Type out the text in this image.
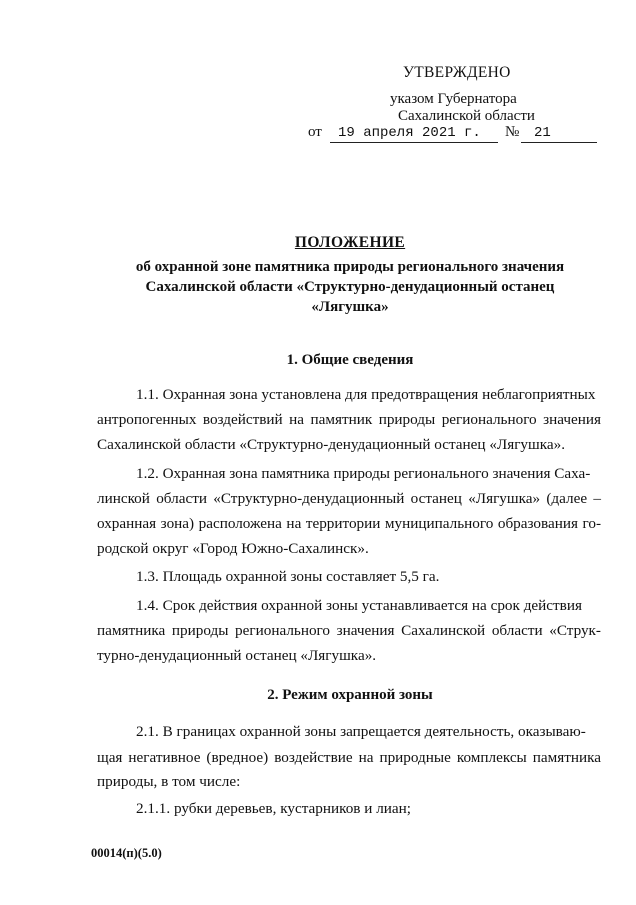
УТВЕРЖДЕНО
указом Губернатора
Сахалинской области
от 19 апреля 2021 г. № 21
ПОЛОЖЕНИЕ
об охранной зоне памятника природы регионального значения
Сахалинской области «Структурно-денудационный останец
«Лягушка»
1. Общие сведения
1.1. Охранная зона установлена для предотвращения неблагоприятных
антропогенных воздействий на памятник природы регионального значения
Сахалинской области «Структурно-денудационный останец «Лягушка».
1.2. Охранная зона памятника природы регионального значения Саха-
линской области «Структурно-денудационный останец «Лягушка» (далее –
охранная зона) расположена на территории муниципального образования го-
родской округ «Город Южно-Сахалинск».
1.3. Площадь охранной зоны составляет 5,5 га.
1.4. Срок действия охранной зоны устанавливается на срок действия
памятника природы регионального значения Сахалинской области «Струк-
турно-денудационный останец «Лягушка».
2. Режим охранной зоны
2.1. В границах охранной зоны запрещается деятельность, оказываю-
щая негативное (вредное) воздействие на природные комплексы памятника
природы, в том числе:
2.1.1. рубки деревьев, кустарников и лиан;
00014(п)(5.0)
